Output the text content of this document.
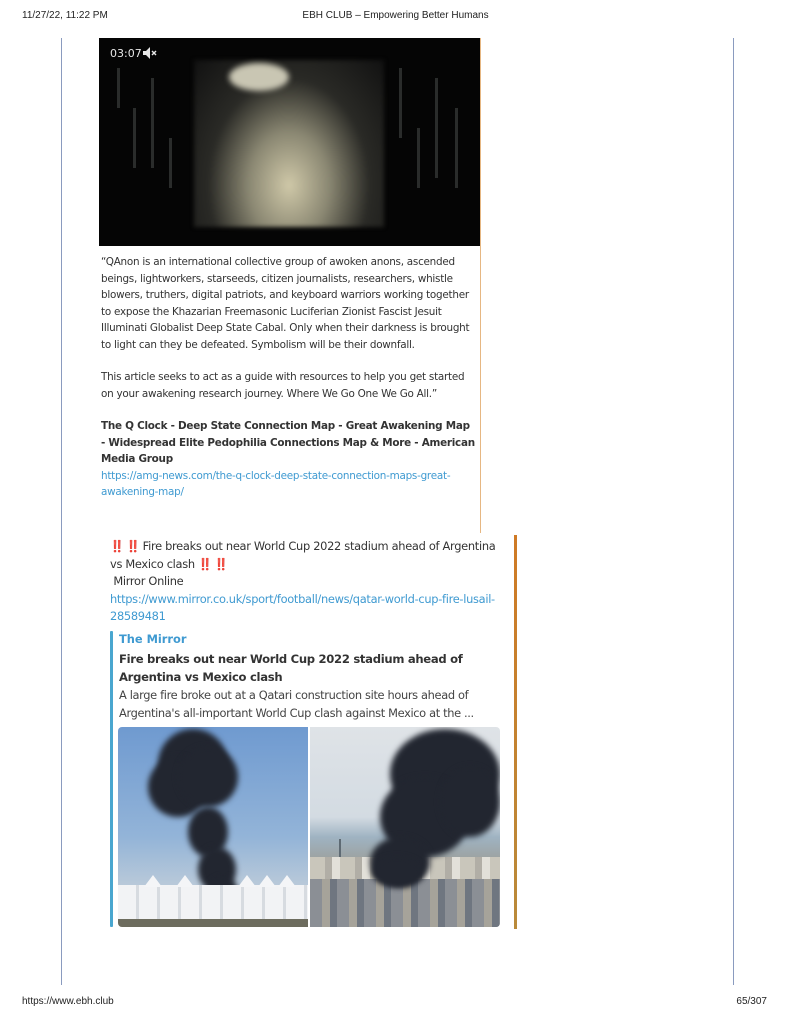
11/27/22, 11:22 PM	EBH CLUB – Empowering Better Humans
03:07

“QAnon is an international collective group of awoken anons, ascended beings, lightworkers, starseeds, citizen journalists, researchers, whistle blowers, truthers, digital patriots, and keyboard warriors working together to expose the Khazarian Freemasonic Luciferian Zionist Fascist Jesuit Illuminati Globalist Deep State Cabal. Only when their darkness is brought to light can they be defeated. Symbolism will be their downfall.

This article seeks to act as a guide with resources to help you get started on your awakening research journey. Where We Go One We Go All.”

The Q Clock - Deep State Connection Map - Great Awakening Map - Widespread Elite Pedophilia Connections Map & More - American Media Group

https://amg-news.com/the-q-clock-deep-state-connection-maps-great-awakening-map/

‼️ ‼️ Fire breaks out near World Cup 2022 stadium ahead of Argentina vs Mexico clash ‼️ ‼️
Mirror Online
https://www.mirror.co.uk/sport/football/news/qatar-world-cup-fire-lusail-28589481
The Mirror
Fire breaks out near World Cup 2022 stadium ahead of Argentina vs Mexico clash
A large fire broke out at a Qatari construction site hours ahead of Argentina's all-important World Cup clash against Mexico at the ...
https://www.ebh.club	65/307
